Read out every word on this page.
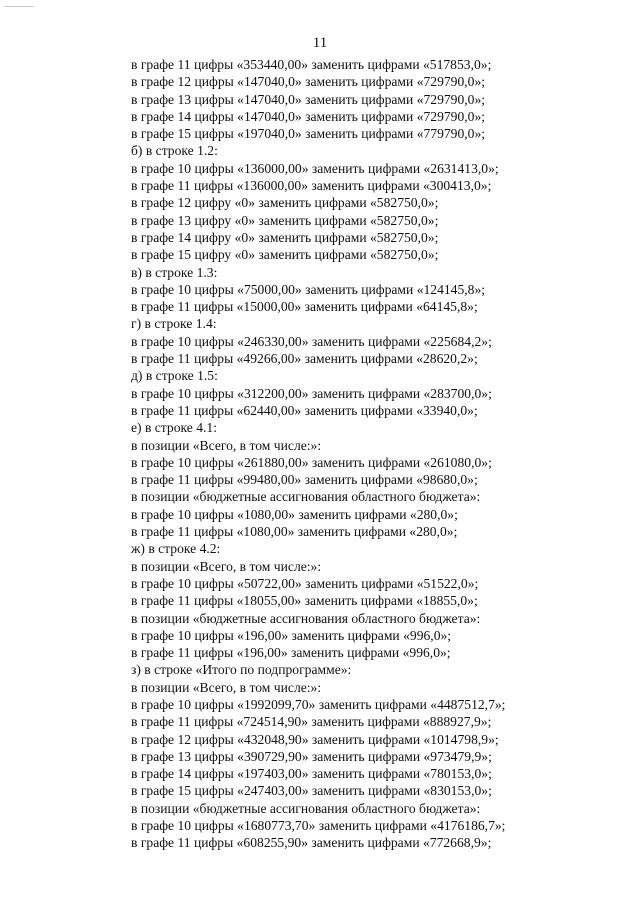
11
в графе 11 цифры «353440,00» заменить цифрами «517853,0»;
в графе 12 цифры «147040,0» заменить цифрами «729790,0»;
в графе 13 цифры «147040,0» заменить цифрами «729790,0»;
в графе 14 цифры «147040,0» заменить цифрами «729790,0»;
в графе 15 цифры «197040,0» заменить цифрами «779790,0»;
б) в строке 1.2:
в графе 10 цифры «136000,00» заменить цифрами «2631413,0»;
в графе 11 цифры «136000,00» заменить цифрами «300413,0»;
в графе 12 цифру «0» заменить цифрами «582750,0»;
в графе 13 цифру «0» заменить цифрами «582750,0»;
в графе 14 цифру «0» заменить цифрами «582750,0»;
в графе 15 цифру «0» заменить цифрами «582750,0»;
в) в строке 1.3:
в графе 10 цифры «75000,00» заменить цифрами «124145,8»;
в графе 11 цифры «15000,00» заменить цифрами «64145,8»;
г) в строке 1.4:
в графе 10 цифры «246330,00» заменить цифрами «225684,2»;
в графе 11 цифры «49266,00» заменить цифрами «28620,2»;
д) в строке 1.5:
в графе 10 цифры «312200,00» заменить цифрами «283700,0»;
в графе 11 цифры «62440,00» заменить цифрами «33940,0»;
е) в строке 4.1:
в позиции «Всего, в том числе:»:
в графе 10 цифры «261880,00» заменить цифрами «261080,0»;
в графе 11 цифры «99480,00» заменить цифрами «98680,0»;
в позиции «бюджетные ассигнования областного бюджета»:
в графе 10 цифры «1080,00» заменить цифрами «280,0»;
в графе 11 цифры «1080,00» заменить цифрами «280,0»;
ж) в строке 4.2:
в позиции «Всего, в том числе:»:
в графе 10 цифры «50722,00» заменить цифрами «51522,0»;
в графе 11 цифры «18055,00» заменить цифрами «18855,0»;
в позиции «бюджетные ассигнования областного бюджета»:
в графе 10 цифры «196,00» заменить цифрами «996,0»;
в графе 11 цифры «196,00» заменить цифрами «996,0»;
з) в строке «Итого по подпрограмме»:
в позиции «Всего, в том числе:»:
в графе 10 цифры «1992099,70» заменить цифрами «4487512,7»;
в графе 11 цифры «724514,90» заменить цифрами «888927,9»;
в графе 12 цифры «432048,90» заменить цифрами «1014798,9»;
в графе 13 цифры «390729,90» заменить цифрами «973479,9»;
в графе 14 цифры «197403,00» заменить цифрами «780153,0»;
в графе 15 цифры «247403,00» заменить цифрами «830153,0»;
в позиции «бюджетные ассигнования областного бюджета»:
в графе 10 цифры «1680773,70» заменить цифрами «4176186,7»;
в графе 11 цифры «608255,90» заменить цифрами «772668,9»;
